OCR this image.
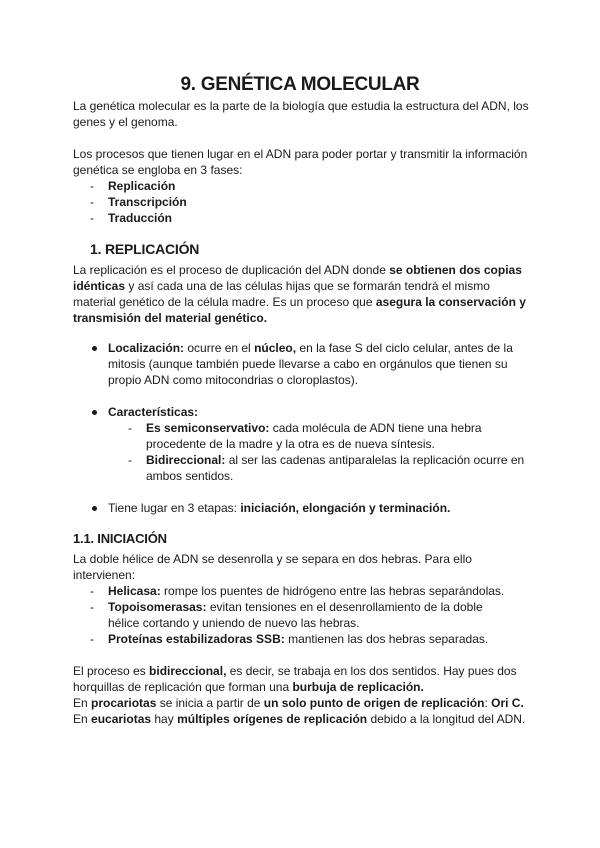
9. GENÉTICA MOLECULAR
La genética molecular es la parte de la biología que estudia la estructura del ADN, los genes y el genoma.
Los procesos que tienen lugar en el ADN para poder portar y transmitir la información genética se engloba en 3 fases:
- Replicación
- Transcripción
- Traducción
1. REPLICACIÓN
La replicación es el proceso de duplicación del ADN donde se obtienen dos copias idénticas y así cada una de las células hijas que se formarán tendrá el mismo material genético de la célula madre. Es un proceso que asegura la conservación y transmisión del material genético.
Localización: ocurre en el núcleo, en la fase S del ciclo celular, antes de la mitosis (aunque también puede llevarse a cabo en orgánulos que tienen su propio ADN como mitocondrias o cloroplastos).
Características:
- Es semiconservativo: cada molécula de ADN tiene una hebra procedente de la madre y la otra es de nueva síntesis.
- Bidireccional: al ser las cadenas antiparalelas la replicación ocurre en ambos sentidos.
Tiene lugar en 3 etapas: iniciación, elongación y terminación.
1.1. INICIACIÓN
La doble hélice de ADN se desenrolla y se separa en dos hebras. Para ello intervienen:
- Helicasa: rompe los puentes de hidrógeno entre las hebras separándolas.
- Topoisomerasas: evitan tensiones en el desenrollamiento de la doble hélice cortando y uniendo de nuevo las hebras.
- Proteínas estabilizadoras SSB: mantienen las dos hebras separadas.
El proceso es bidireccional, es decir, se trabaja en los dos sentidos. Hay pues dos horquillas de replicación que forman una burbuja de replicación.
En procariotas se inicia a partir de un solo punto de origen de replicación: Ori C.
En eucariotas hay múltiples orígenes de replicación debido a la longitud del ADN.
